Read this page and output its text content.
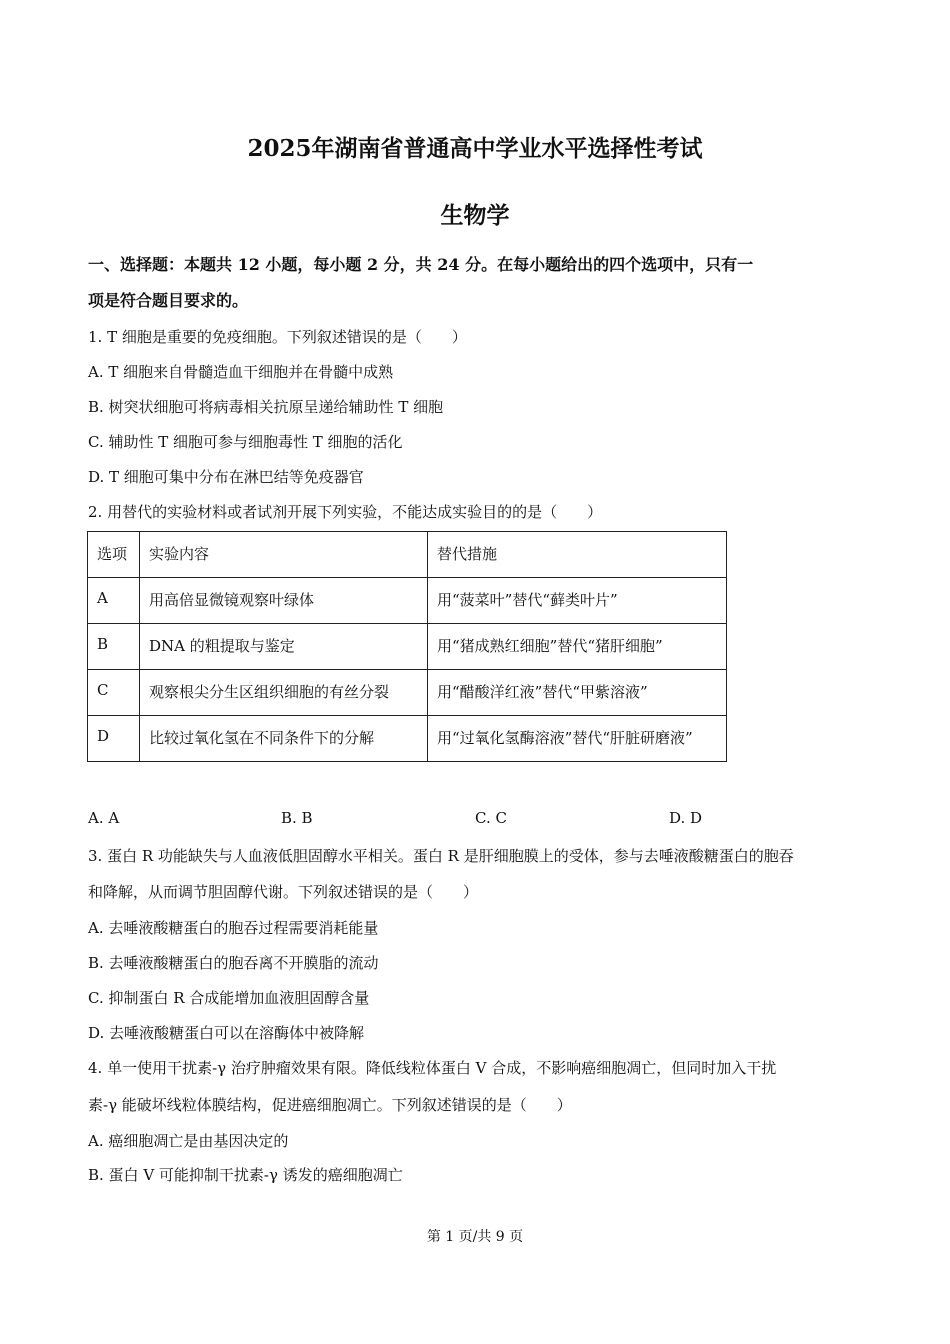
2025年湖南省普通高中学业水平选择性考试
生物学
一、选择题：本题共 12 小题，每小题 2 分，共 24 分。在每小题给出的四个选项中，只有一
项是符合题目要求的。
1. T 细胞是重要的免疫细胞。下列叙述错误的是（　　）
A. T 细胞来自骨髓造血干细胞并在骨髓中成熟
B. 树突状细胞可将病毒相关抗原呈递给辅助性 T 细胞
C. 辅助性 T 细胞可参与细胞毒性 T 细胞的活化
D. T 细胞可集中分布在淋巴结等免疫器官
2. 用替代的实验材料或者试剂开展下列实验，不能达成实验目的的是（　　）
选项	实验内容	替代措施
A	用高倍显微镜观察叶绿体	用“菠菜叶”替代“藓类叶片”
B	DNA 的粗提取与鉴定	用“猪成熟红细胞”替代“猪肝细胞”
C	观察根尖分生区组织细胞的有丝分裂	用“醋酸洋红液”替代“甲紫溶液”
D	比较过氧化氢在不同条件下的分解	用“过氧化氢酶溶液”替代“肝脏研磨液”
A. A	B. B	C. C	D. D
3. 蛋白 R 功能缺失与人血液低胆固醇水平相关。蛋白 R 是肝细胞膜上的受体，参与去唾液酸糖蛋白的胞吞
和降解，从而调节胆固醇代谢。下列叙述错误的是（　　）
A. 去唾液酸糖蛋白的胞吞过程需要消耗能量
B. 去唾液酸糖蛋白的胞吞离不开膜脂的流动
C. 抑制蛋白 R 合成能增加血液胆固醇含量
D. 去唾液酸糖蛋白可以在溶酶体中被降解
4. 单一使用干扰素-γ 治疗肿瘤效果有限。降低线粒体蛋白 V 合成，不影响癌细胞凋亡，但同时加入干扰
素-γ 能破坏线粒体膜结构，促进癌细胞凋亡。下列叙述错误的是（　　）
A. 癌细胞凋亡是由基因决定的
B. 蛋白 V 可能抑制干扰素-γ 诱发的癌细胞凋亡
第 1 页/共 9 页
